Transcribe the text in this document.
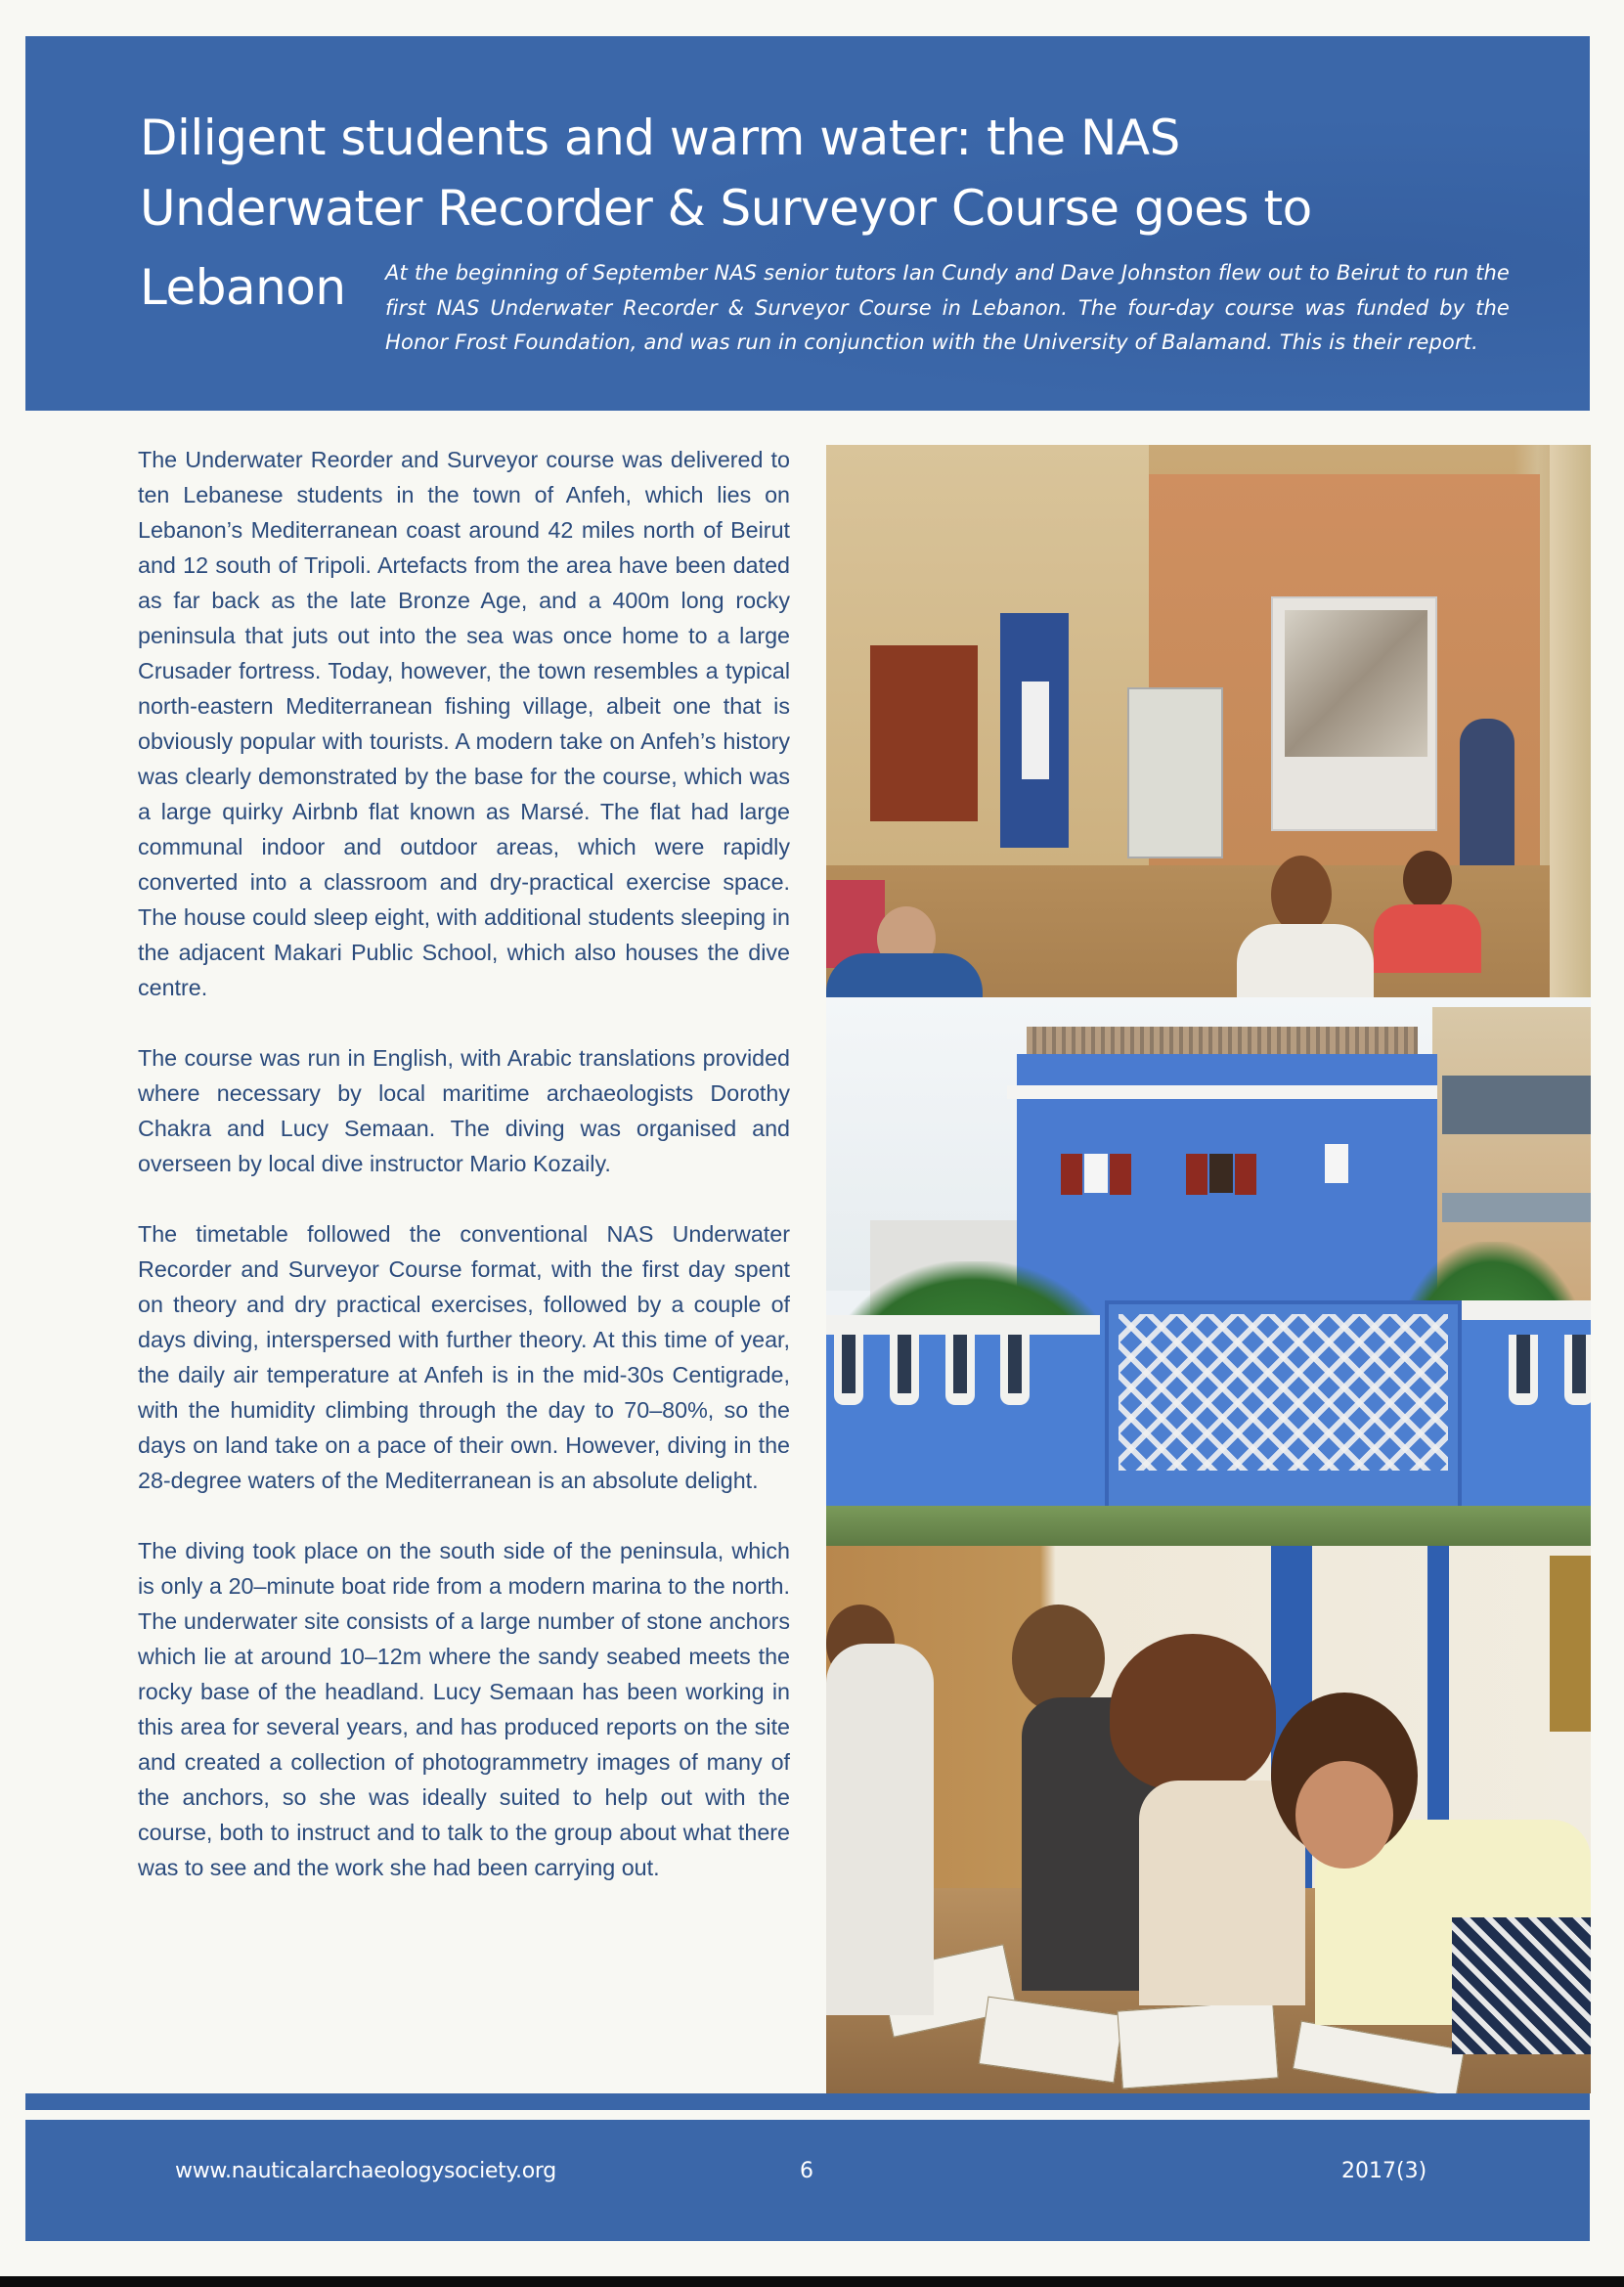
Diligent students and warm water: the NAS
Underwater Recorder & Surveyor Course goes to
Lebanon At the beginning of September NAS senior tutors Ian Cundy and Dave Johnston flew out to Beirut to run the first NAS Underwater Recorder & Surveyor Course in Lebanon. The four-day course was funded by the Honor Frost Foundation, and was run in conjunction with the University of Balamand. This is their report.

The Underwater Reorder and Surveyor course was delivered to ten Lebanese students in the town of Anfeh, which lies on Lebanon’s Mediterranean coast around 42 miles north of Beirut and 12 south of Tripoli. Artefacts from the area have been dated as far back as the late Bronze Age, and a 400m long rocky peninsula that juts out into the sea was once home to a large Crusader fortress. Today, however, the town resembles a typical north-eastern Mediterranean fishing village, albeit one that is obviously popular with tourists. A modern take on Anfeh’s history was clearly demonstrated by the base for the course, which was a large quirky Airbnb flat known as Marsé. The flat had large communal indoor and outdoor areas, which were rapidly converted into a classroom and dry-practical exercise space. The house could sleep eight, with additional students sleeping in the adjacent Makari Public School, which also houses the dive centre.

The course was run in English, with Arabic translations provided where necessary by local maritime archaeologists Dorothy Chakra and Lucy Semaan. The diving was organised and overseen by local dive instructor Mario Kozaily.

The timetable followed the conventional NAS Underwater Recorder and Surveyor Course format, with the first day spent on theory and dry practical exercises, followed by a couple of days diving, interspersed with further theory. At this time of year, the daily air temperature at Anfeh is in the mid-30s Centigrade, with the humidity climbing through the day to 70–80%, so the days on land take on a pace of their own. However, diving in the 28-degree waters of the Mediterranean is an absolute delight.

The diving took place on the south side of the peninsula, which is only a 20–minute boat ride from a modern marina to the north. The underwater site consists of a large number of stone anchors which lie at around 10–12m where the sandy seabed meets the rocky base of the headland. Lucy Semaan has been working in this area for several years, and has produced reports on the site and created a collection of photogrammetry images of many of the anchors, so she was ideally suited to help out with the course, both to instruct and to talk to the group about what there was to see and the work she had been carrying out.

www.nauticalarchaeologysociety.org	6	2017(3)
